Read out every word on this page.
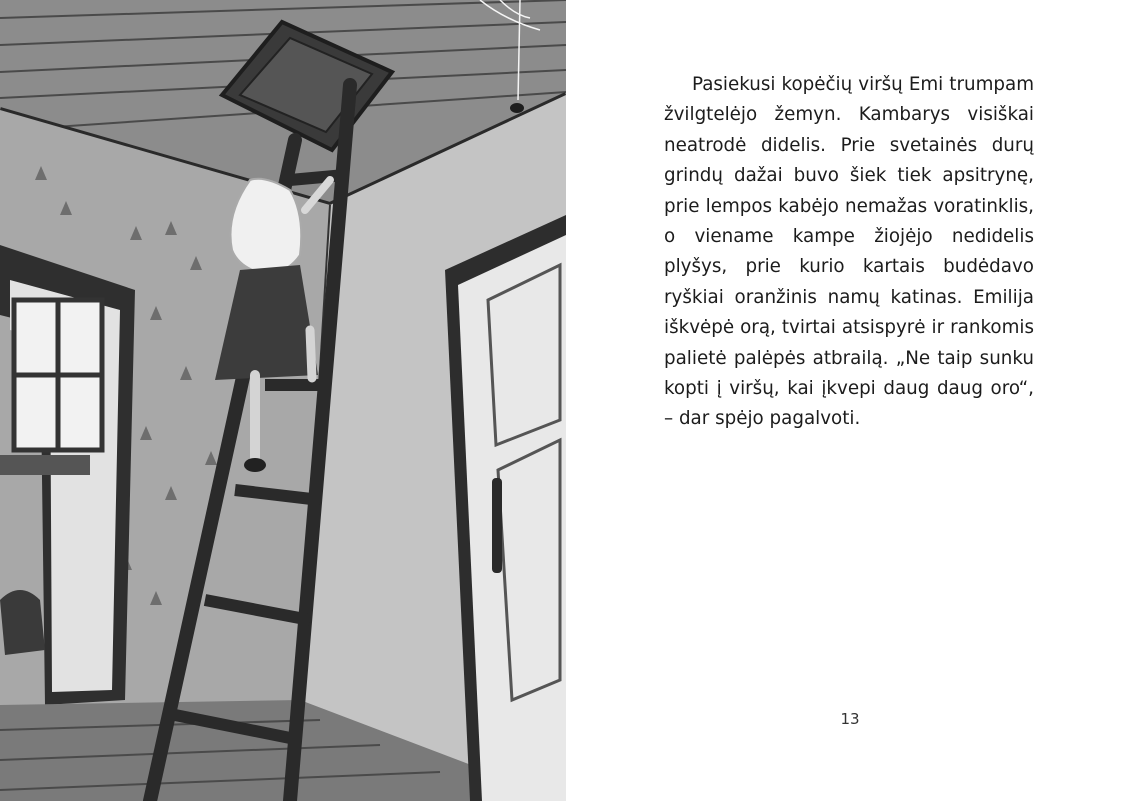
Pasiekusi kopėčių viršų Emi trumpam žvilgtelėjo žemyn. Kambarys visiškai neatrodė didelis. Prie svetainės durų grindų dažai buvo šiek tiek apsitrynę, prie lempos kabėjo nemažas voratinklis, o viename kampe žiojėjo nedidelis plyšys, prie kurio kartais budėdavo ryškiai oranžinis namų katinas. Emilija iškvėpė orą, tvirtai atsispyrė ir rankomis palietė palėpės atbrailą. „Ne taip sunku kopti į viršų, kai įkvepi daug daug oro“, – dar spėjo pagalvoti.

13
